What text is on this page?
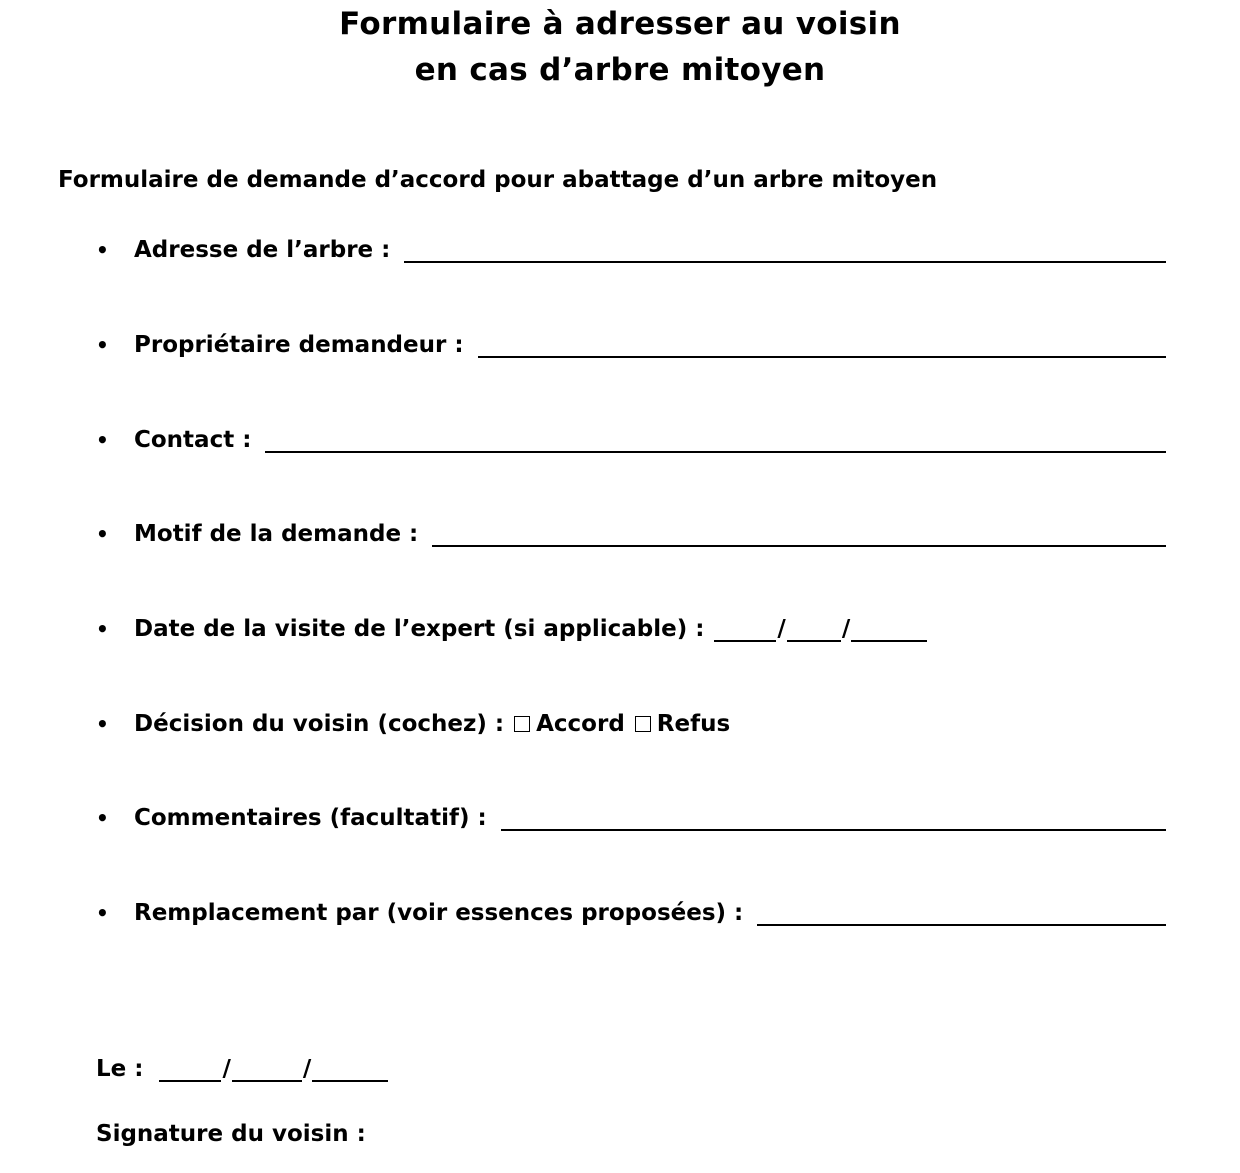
Formulaire à adresser au voisin
en cas d’arbre mitoyen
Formulaire de demande d’accord pour abattage d’un arbre mitoyen
•	Adresse de l’arbre :
•	Propriétaire demandeur :
•	Contact :
•	Motif de la demande :
•	Date de la visite de l’expert (si applicable) :	/ /
•	Décision du voisin (cochez) : Accord Refus
•	Commentaires (facultatif) :
•	Remplacement par (voir essences proposées) :
Le :	/	/
Signature du voisin :
